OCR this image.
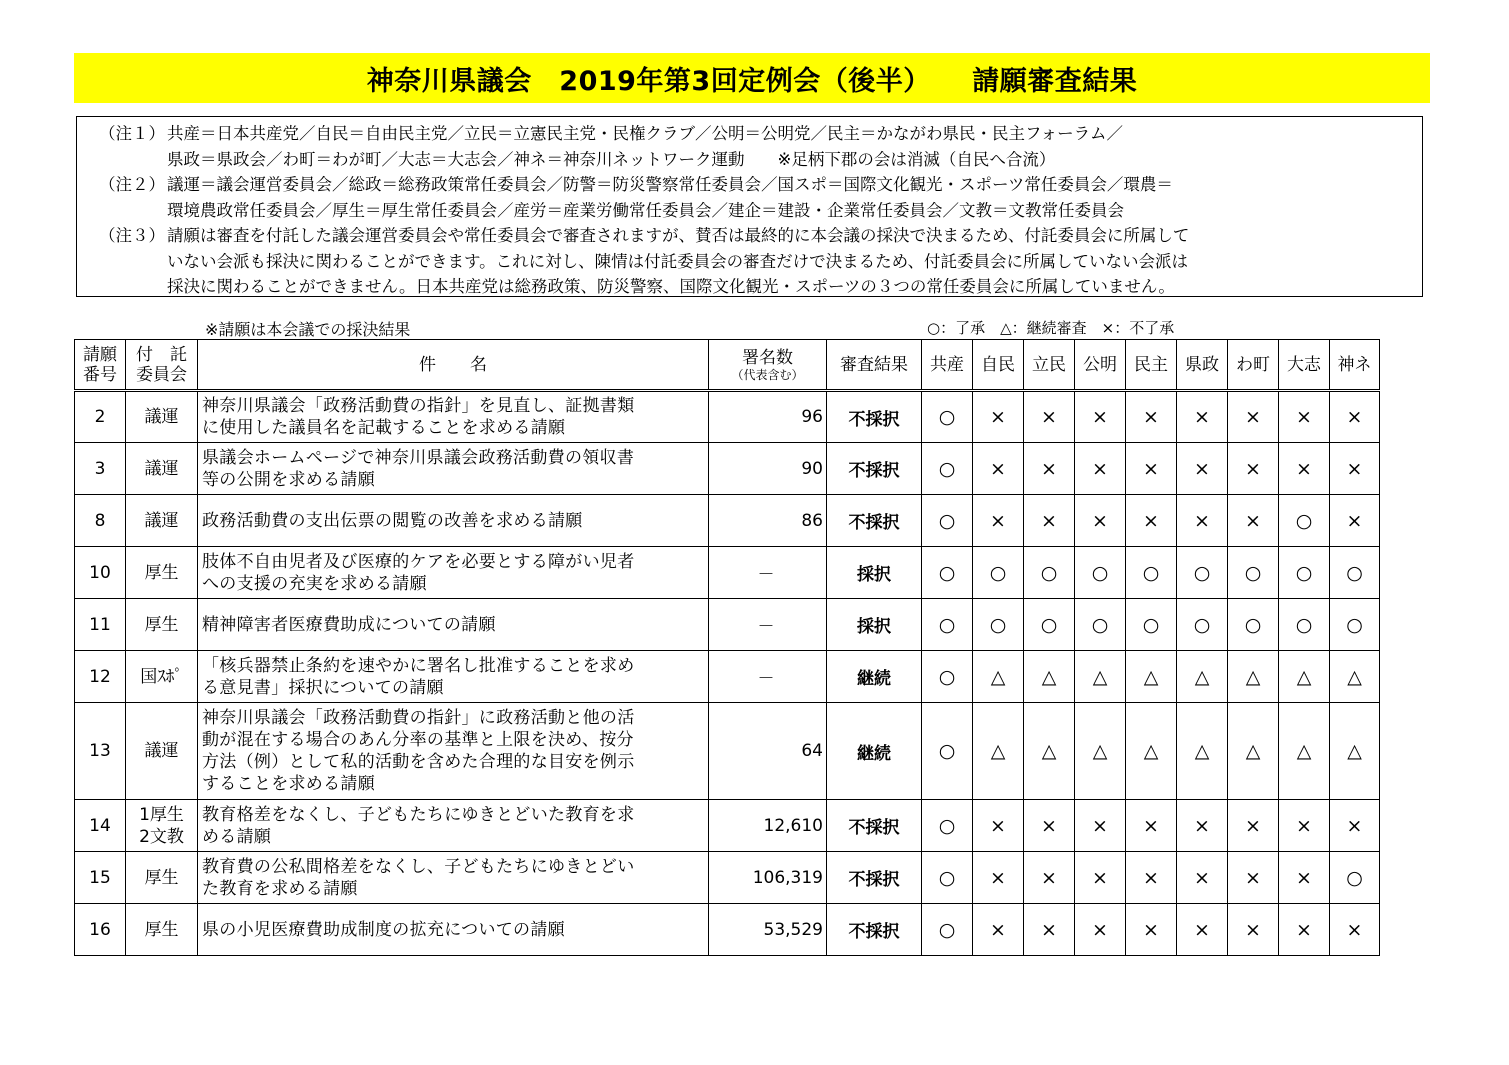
神奈川県議会　2019年第3回定例会（後半）　　請願審査結果
（注１） 共産＝日本共産党／自民＝自由民主党／立民＝立憲民主党・民権クラブ／公明＝公明党／民主＝かながわ県民・民主フォーラム／
県政＝県政会／わ町＝わが町／大志＝大志会／神ネ＝神奈川ネットワーク運動　　※足柄下郡の会は消滅（自民へ合流）
（注２） 議運＝議会運営委員会／総政＝総務政策常任委員会／防警＝防災警察常任委員会／国スポ＝国際文化観光・スポーツ常任委員会／環農＝
環境農政常任委員会／厚生＝厚生常任委員会／産労＝産業労働常任委員会／建企＝建設・企業常任委員会／文教＝文教常任委員会
（注３） 請願は審査を付託した議会運営委員会や常任委員会で審査されますが、賛否は最終的に本会議の採決で決まるため、付託委員会に所属して
いない会派も採決に関わることができます。これに対し、陳情は付託委員会の審査だけで決まるため、付託委員会に所属していない会派は
採決に関わることができません。日本共産党は総務政策、防災警察、国際文化観光・スポーツの３つの常任委員会に所属していません。
※請願は本会議での採決結果	○：了承　△：継続審査　×：不了承
請願
番号	付　託
委員会	件　　名	署名数
（代表含む）	審査結果	共産	自民	立民	公明	民主	県政	わ町	大志	神ネ
2	議運	神奈川県議会「政務活動費の指針」を見直し、証拠書類
に使用した議員名を記載することを求める請願	96	不採択	○	×	×	×	×	×	×	×	×
3	議運	県議会ホームページで神奈川県議会政務活動費の領収書
等の公開を求める請願	90	不採択	○	×	×	×	×	×	×	×	×
8	議運	政務活動費の支出伝票の閲覧の改善を求める請願	86	不採択	○	×	×	×	×	×	×	○	×
10	厚生	肢体不自由児者及び医療的ケアを必要とする障がい児者
への支援の充実を求める請願	－	採択	○	○	○	○	○	○	○	○	○
11	厚生	精神障害者医療費助成についての請願	－	採択	○	○	○	○	○	○	○	○	○
12	国ｽﾎﾟ	「核兵器禁止条約を速やかに署名し批准することを求め
る意見書」採択についての請願	－	継続	○	△	△	△	△	△	△	△	△
13	議運	神奈川県議会「政務活動費の指針」に政務活動と他の活
動が混在する場合のあん分率の基準と上限を決め、按分
方法（例）として私的活動を含めた合理的な目安を例示
することを求める請願	64	継続	○	△	△	△	△	△	△	△	△
14	1厚生
2文教	教育格差をなくし、子どもたちにゆきとどいた教育を求
める請願	12,610	不採択	○	×	×	×	×	×	×	×	×
15	厚生	教育費の公私間格差をなくし、子どもたちにゆきとどい
た教育を求める請願	106,319	不採択	○	×	×	×	×	×	×	×	○
16	厚生	県の小児医療費助成制度の拡充についての請願	53,529	不採択	○	×	×	×	×	×	×	×	×
